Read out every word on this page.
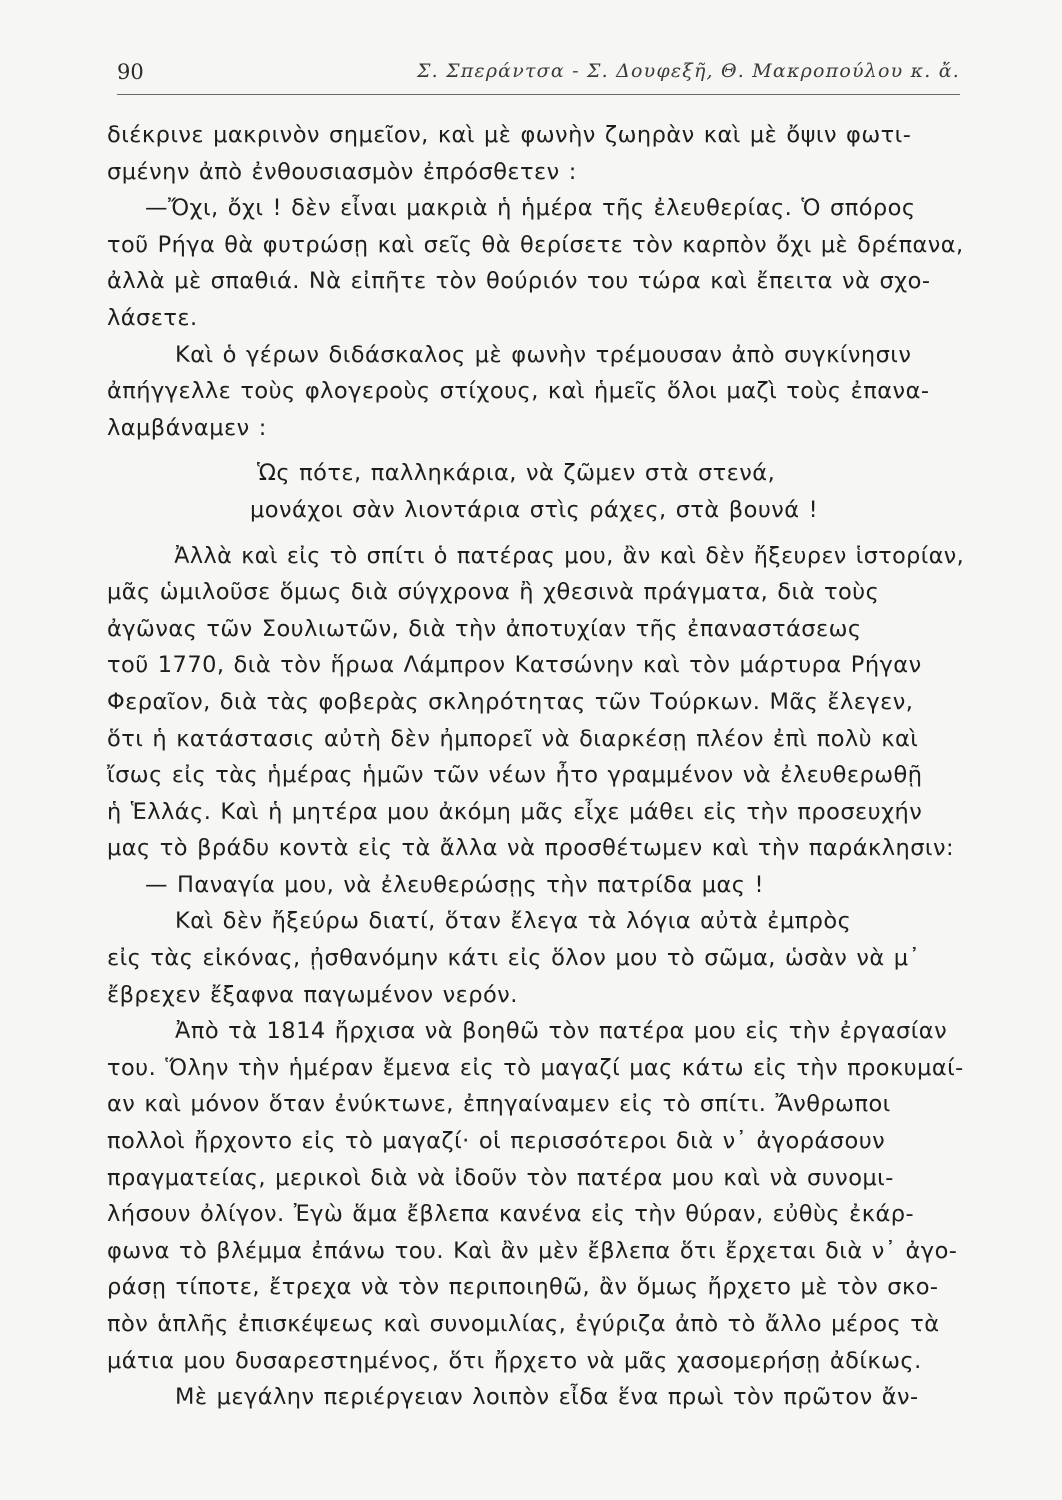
90	Σ. Σπεράντσα - Σ. Δουφεξῆ, Θ. Μακροπούλου κ. ἄ.
διέκρινε μακρινὸν σημεῖον, καὶ μὲ φωνὴν ζωηρὰν καὶ μὲ ὄψιν φωτι-
σμένην ἀπὸ ἐνθουσιασμὸν ἐπρόσθετεν :
—Ὄχι, ὄχι ! δὲν εἶναι μακριὰ ἡ ἡμέρα τῆς ἐλευθερίας. Ὁ σπόρος
τοῦ Ρήγα θὰ φυτρώσῃ καὶ σεῖς θὰ θερίσετε τὸν καρπὸν ὄχι μὲ δρέπανα,
ἀλλὰ μὲ σπαθιά. Νὰ εἰπῆτε τὸν θούριόν του τώρα καὶ ἔπειτα νὰ σχο-
λάσετε.
Καὶ ὁ γέρων διδάσκαλος μὲ φωνὴν τρέμουσαν ἀπὸ συγκίνησιν
ἀπήγγελλε τοὺς φλογεροὺς στίχους, καὶ ἡμεῖς ὅλοι μαζὶ τοὺς ἐπανα-
λαμβάναμεν :
Ὡς πότε, παλληκάρια, νὰ ζῶμεν στὰ στενά,
μονάχοι σὰν λιοντάρια στὶς ράχες, στὰ βουνά !
Ἀλλὰ καὶ εἰς τὸ σπίτι ὁ πατέρας μου, ἂν καὶ δὲν ἤξευρεν ἱστορίαν,
μᾶς ὡμιλοῦσε ὅμως διὰ σύγχρονα ἢ χθεσινὰ πράγματα, διὰ τοὺς
ἀγῶνας τῶν Σουλιωτῶν, διὰ τὴν ἀποτυχίαν τῆς ἐπαναστάσεως
τοῦ 1770, διὰ τὸν ἥρωα Λάμπρον Κατσώνην καὶ τὸν μάρτυρα Ρήγαν
Φεραῖον, διὰ τὰς φοβερὰς σκληρότητας τῶν Τούρκων. Μᾶς ἔλεγεν,
ὅτι ἡ κατάστασις αὐτὴ δὲν ἠμπορεῖ νὰ διαρκέσῃ πλέον ἐπὶ πολὺ καὶ
ἴσως εἰς τὰς ἡμέρας ἡμῶν τῶν νέων ἦτο γραμμένον νὰ ἐλευθερωθῇ
ἡ Ἑλλάς. Καὶ ἡ μητέρα μου ἀκόμη μᾶς εἶχε μάθει εἰς τὴν προσευχήν
μας τὸ βράδυ κοντὰ εἰς τὰ ἄλλα νὰ προσθέτωμεν καὶ τὴν παράκλησιν:
— Παναγία μου, νὰ ἐλευθερώσῃς τὴν πατρίδα μας !
Καὶ δὲν ἤξεύρω διατί, ὅταν ἔλεγα τὰ λόγια αὐτὰ ἐμπρὸς
εἰς τὰς εἰκόνας, ᾐσθανόμην κάτι εἰς ὅλον μου τὸ σῶμα, ὡσὰν νὰ μ᾽
ἔβρεχεν ἔξαφνα παγωμένον νερόν.
Ἀπὸ τὰ 1814 ἤρχισα νὰ βοηθῶ τὸν πατέρα μου εἰς τὴν ἐργασίαν
του. Ὅλην τὴν ἡμέραν ἔμενα εἰς τὸ μαγαζί μας κάτω εἰς τὴν προκυμαί-
αν καὶ μόνον ὅταν ἐνύκτωνε, ἐπηγαίναμεν εἰς τὸ σπίτι. Ἄνθρωποι
πολλοὶ ἤρχοντο εἰς τὸ μαγαζί· οἱ περισσότεροι διὰ ν᾽ ἀγοράσουν
πραγματείας, μερικοὶ διὰ νὰ ἰδοῦν τὸν πατέρα μου καὶ νὰ συνομι-
λήσουν ὀλίγον. Ἐγὼ ἅμα ἔβλεπα κανένα εἰς τὴν θύραν, εὐθὺς ἐκάρ-
φωνα τὸ βλέμμα ἐπάνω του. Καὶ ἂν μὲν ἔβλεπα ὅτι ἔρχεται διὰ ν᾽ ἀγο-
ράσῃ τίποτε, ἔτρεχα νὰ τὸν περιποιηθῶ, ἂν ὅμως ἤρχετο μὲ τὸν σκο-
πὸν ἁπλῆς ἐπισκέψεως καὶ συνομιλίας, ἐγύριζα ἀπὸ τὸ ἄλλο μέρος τὰ
μάτια μου δυσαρεστημένος, ὅτι ἤρχετο νὰ μᾶς χασομερήσῃ ἀδίκως.
Μὲ μεγάλην περιέργειαν λοιπὸν εἶδα ἕνα πρωὶ τὸν πρῶτον ἄν-
